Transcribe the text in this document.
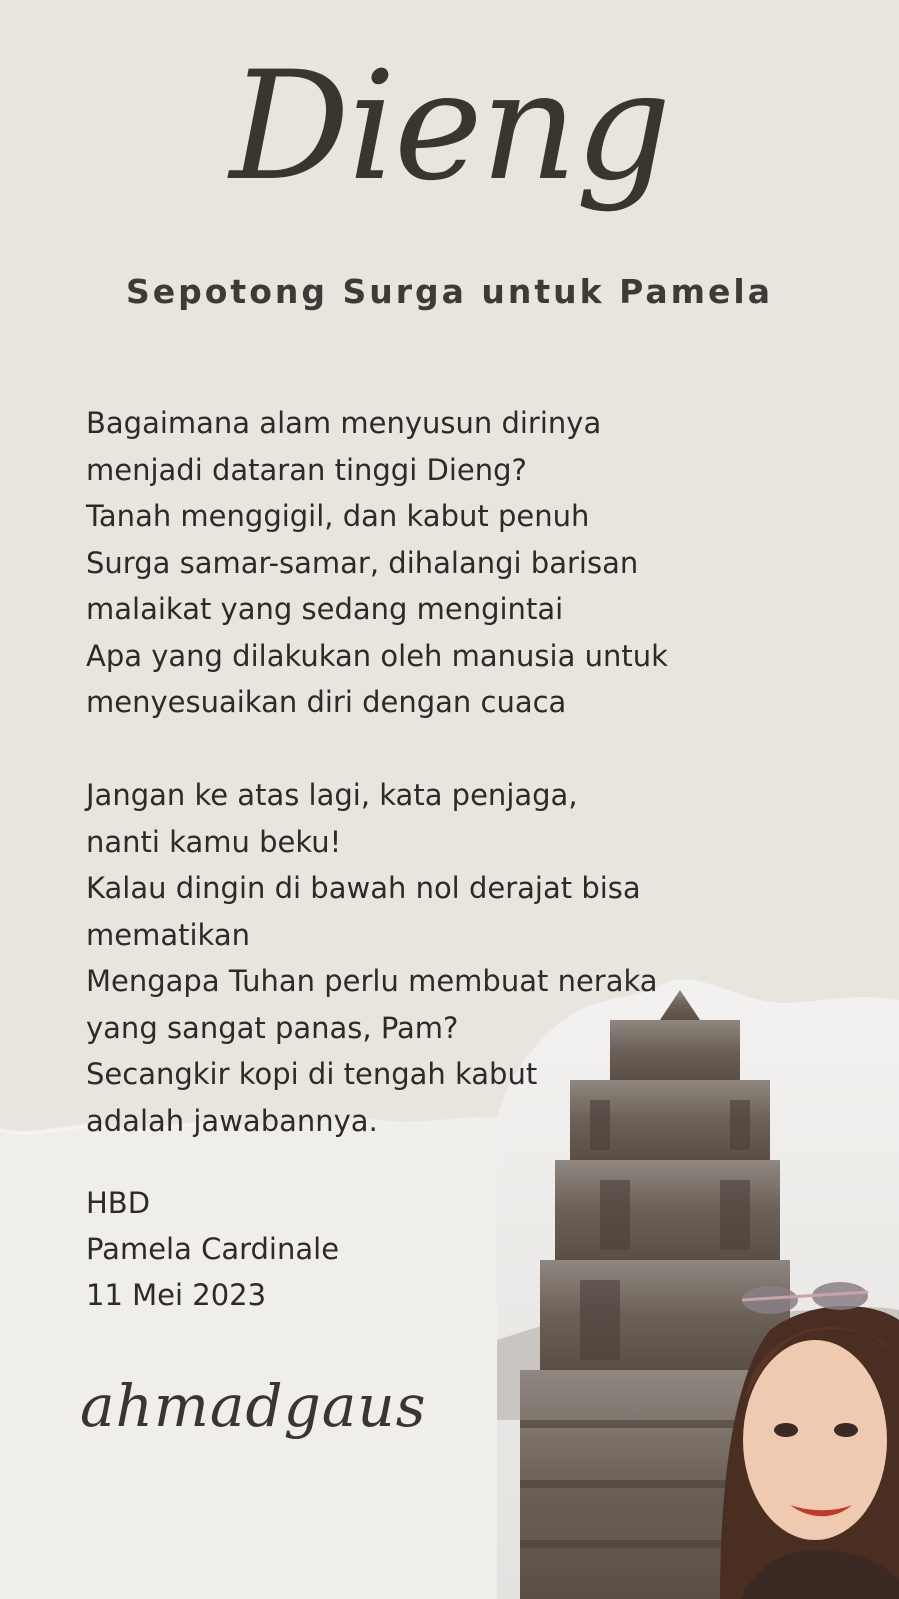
Dieng
Sepotong Surga untuk Pamela
Bagaimana alam menyusun dirinya
menjadi dataran tinggi Dieng?
Tanah menggigil, dan kabut penuh
Surga samar-samar, dihalangi barisan
malaikat yang sedang mengintai
Apa yang dilakukan oleh manusia untuk
menyesuaikan diri dengan cuaca
Jangan ke atas lagi, kata penjaga,
nanti kamu beku!
Kalau dingin di bawah nol derajat bisa
mematikan
Mengapa Tuhan perlu membuat neraka
yang sangat panas, Pam?
Secangkir kopi di tengah kabut
adalah jawabannya.
HBD
Pamela Cardinale
11 Mei 2023
ahmadgaus
